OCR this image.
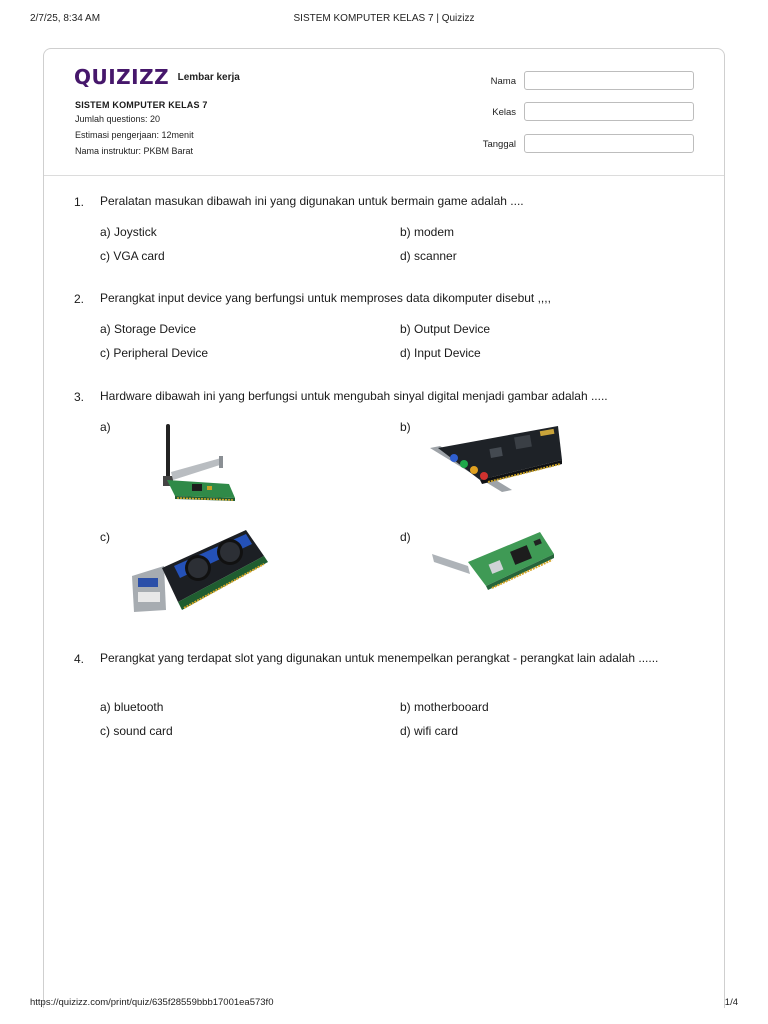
2/7/25, 8:34 AM	SISTEM KOMPUTER KELAS 7 | Quizizz
QUIZIZZ Lembar kerja
SISTEM KOMPUTER KELAS 7
Jumlah questions: 20
Estimasi pengerjaan: 12menit
Nama instruktur: PKBM Barat
Nama
Kelas
Tanggal
1. Peralatan masukan dibawah ini yang digunakan untuk bermain game adalah ....
a) Joystick	b) modem
c) VGA card	d) scanner
2. Perangkat input device yang berfungsi untuk memproses data dikomputer disebut ,,,,
a) Storage Device	b) Output Device
c) Peripheral Device	d) Input Device
3. Hardware dibawah ini yang berfungsi untuk mengubah sinyal digital menjadi gambar adalah .....
a)	b)
c)	d)
4. Perangkat yang terdapat slot yang digunakan untuk menempelkan perangkat - perangkat lain adalah ......
a) bluetooth	b) motherbooard
c) sound card	d) wifi card
https://quizizz.com/print/quiz/635f28559bbb17001ea573f0	1/4
